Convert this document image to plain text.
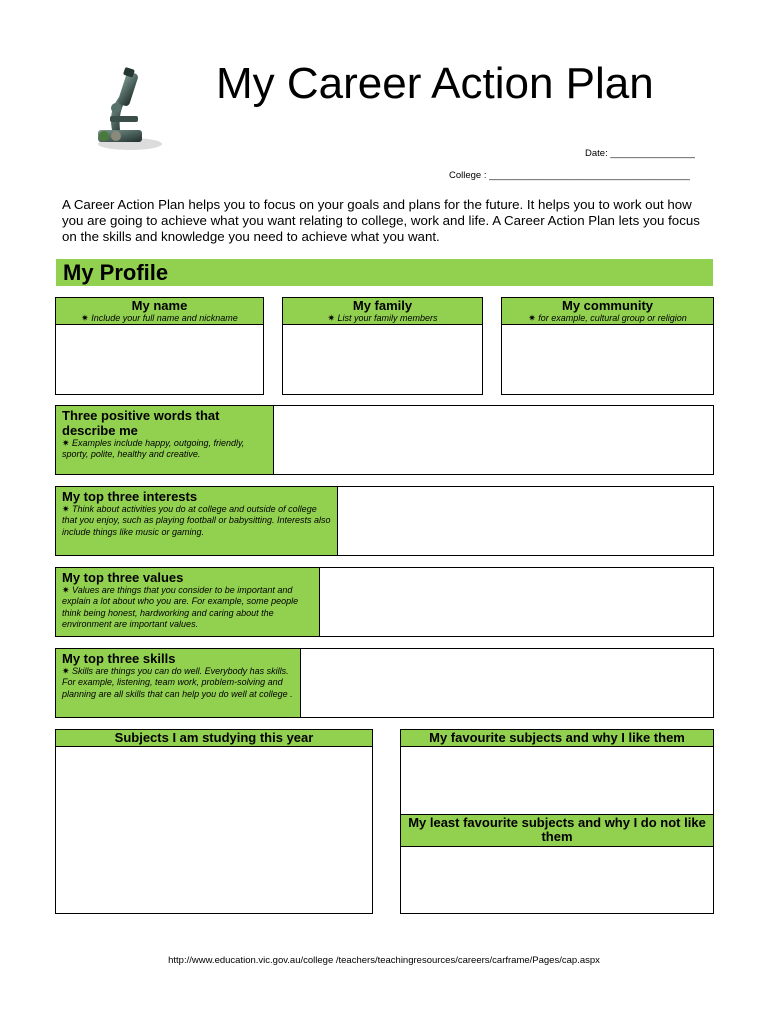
My Career Action Plan
Date: ________________
College : ______________________________________
A Career Action Plan helps you to focus on your goals and plans for the future. It helps you to work out how you are going to achieve what you want relating to college, work and life. A Career Action Plan lets you focus on the skills and knowledge you need to achieve what you want.
My Profile
My name
✷ Include your full name and nickname
My family
✷ List your family members
My community
✷ for example, cultural group or religion
Three positive words that describe me
✷ Examples include happy, outgoing, friendly, sporty, polite, healthy and creative.
My top three interests
✷ Think about activities you do at college and outside of college that you enjoy, such as playing football or babysitting. Interests also include things like music or gaming.
My top three values
✷ Values are things that you consider to be important and explain a lot about who you are. For example, some people think being honest, hardworking and caring about the environment are important values.
My top three skills
✷ Skills are things you can do well. Everybody has skills. For example, listening, team work, problem-solving and planning are all skills that can help you do well at college .
Subjects I am studying this year	My favourite subjects and why I like them
My least favourite subjects and why I do not like them
http://www.education.vic.gov.au/college /teachers/teachingresources/careers/carframe/Pages/cap.aspx
